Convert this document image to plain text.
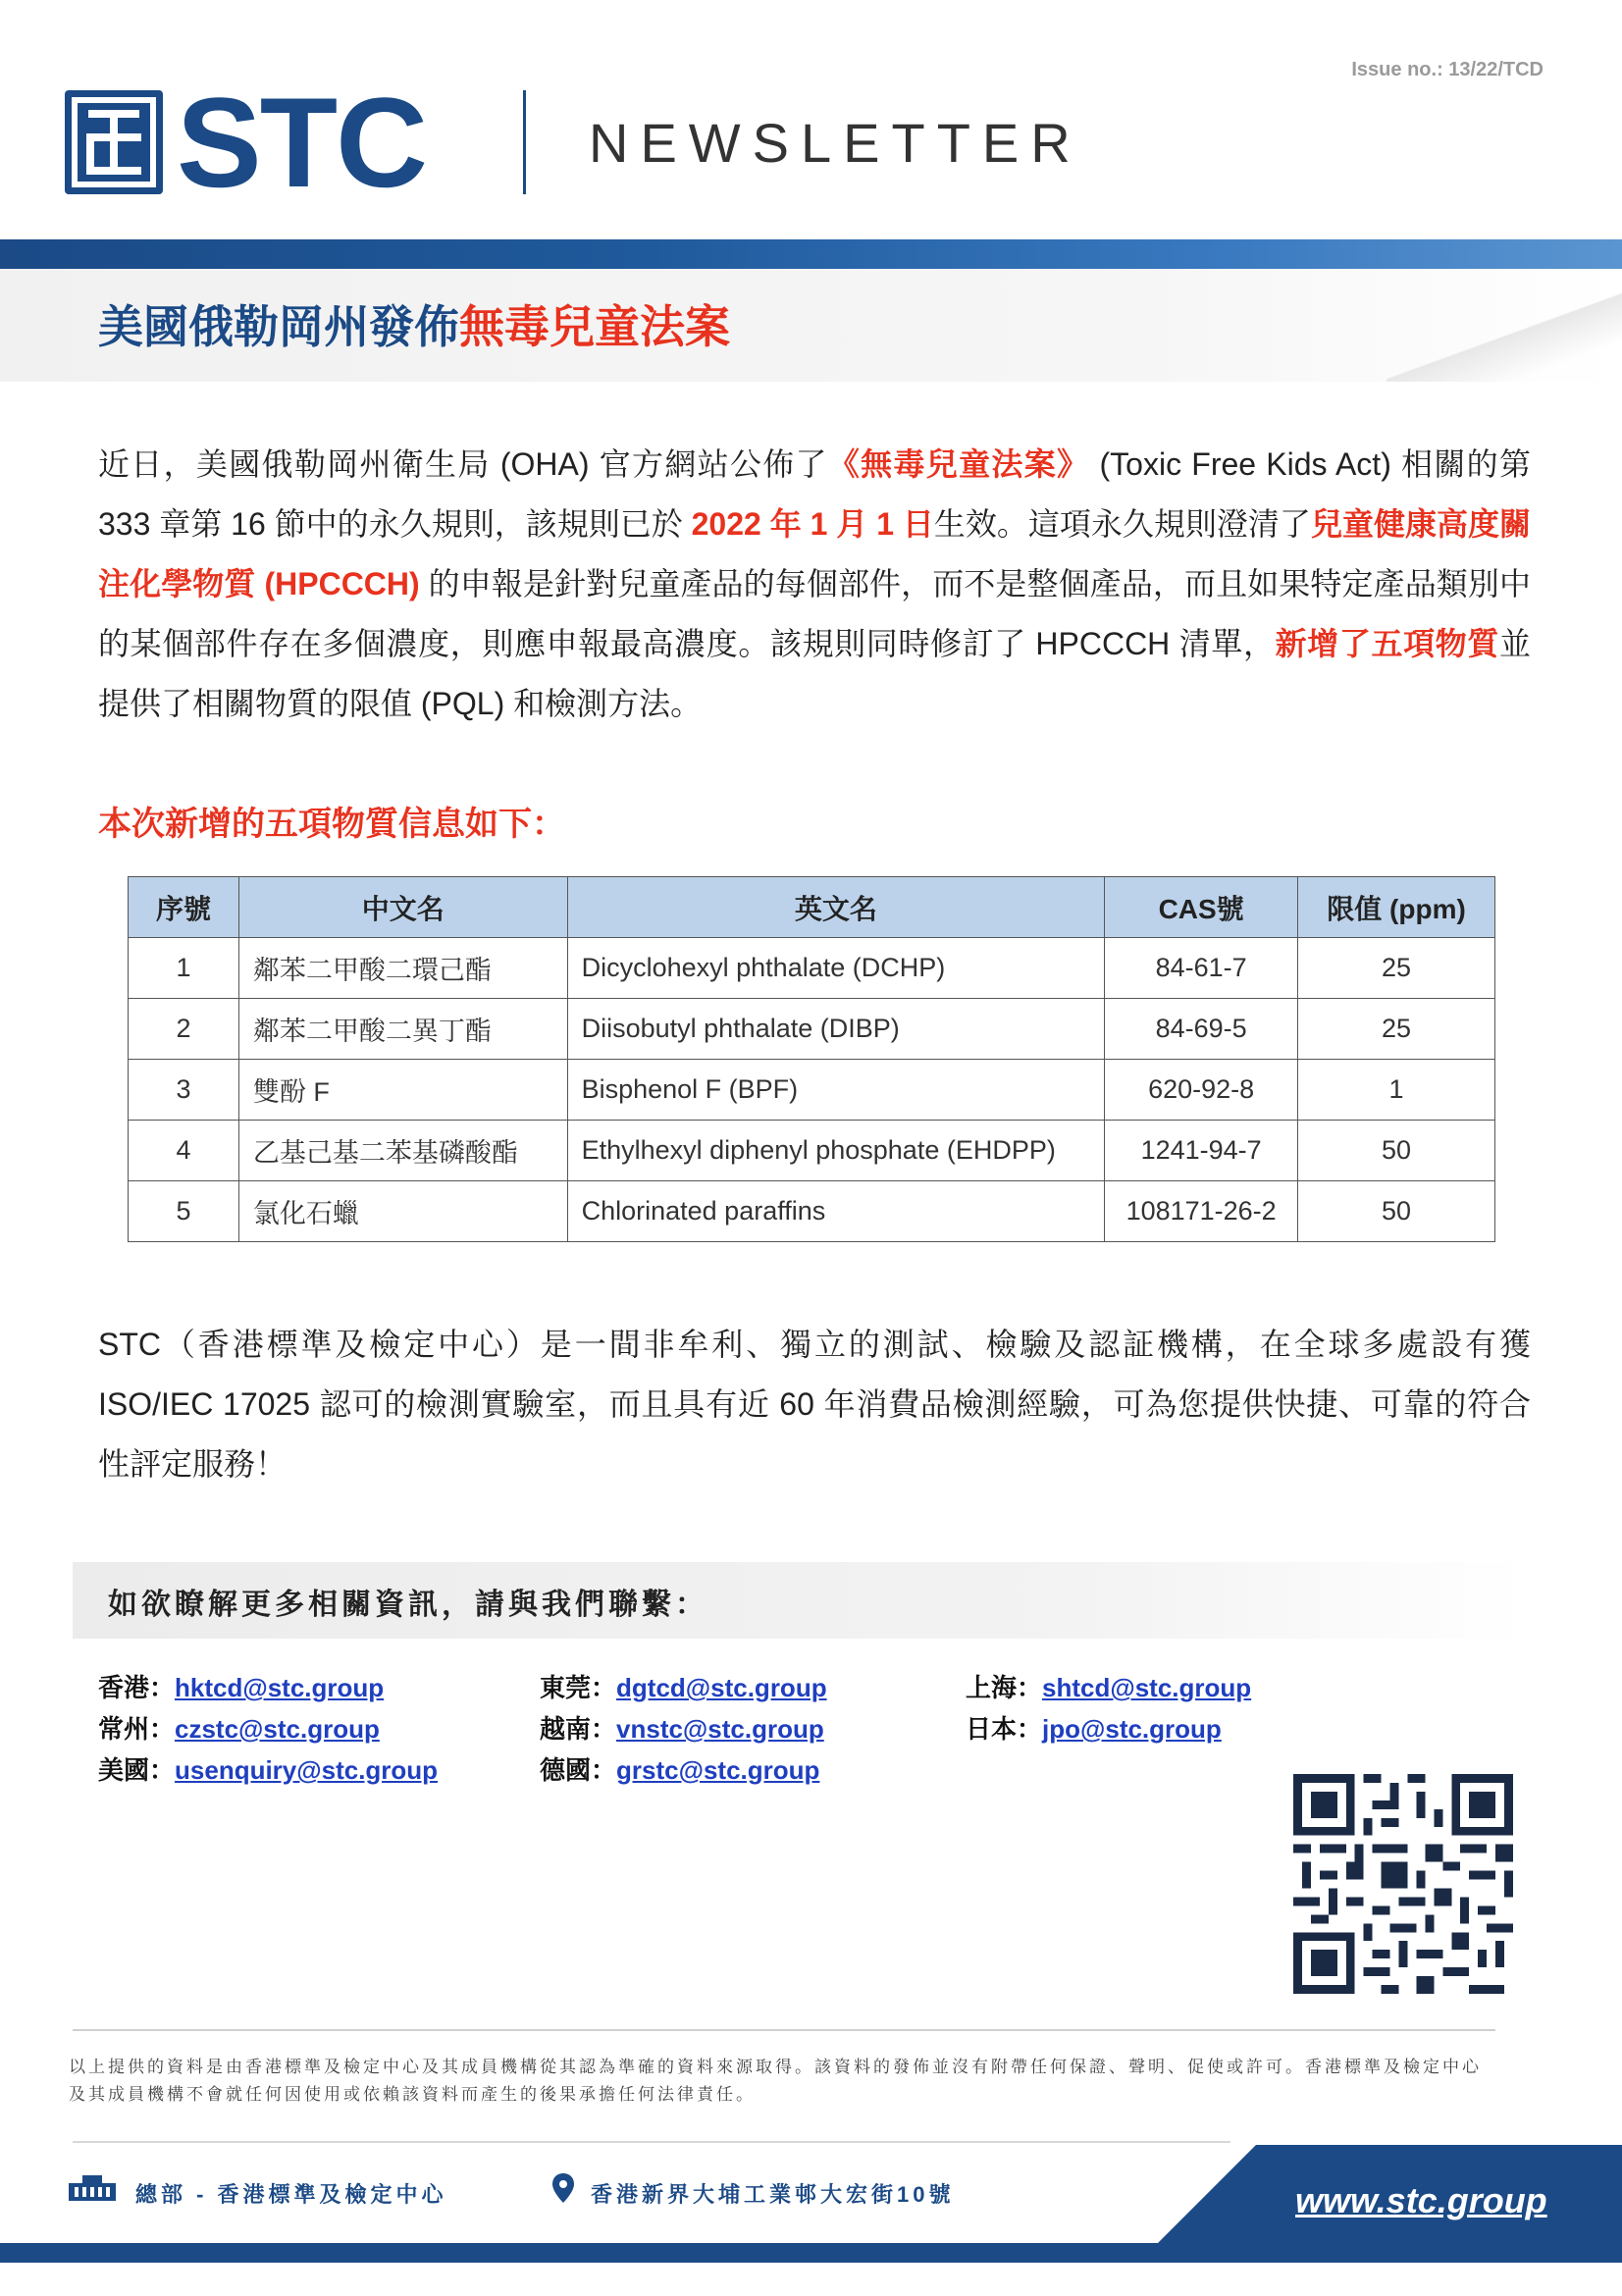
Issue no.: 13/22/TCD
STC	NEWSLETTER
美國俄勒岡州發佈無毒兒童法案

近日，美國俄勒岡州衛生局 (OHA) 官方網站公佈了《無毒兒童法案》 (Toxic Free Kids Act) 相關的第 333 章第 16 節中的永久規則，該規則已於 2022 年 1 月 1 日生效。這項永久規則澄清了兒童健康高度關注化學物質 (HPCCCH) 的申報是針對兒童產品的每個部件，而不是整個產品，而且如果特定產品類別中的某個部件存在多個濃度，則應申報最高濃度。該規則同時修訂了 HPCCCH 清單，新增了五項物質並提供了相關物質的限值 (PQL) 和檢測方法。

本次新增的五項物質信息如下：
序號	中文名	英文名	CAS號	限值 (ppm)
1	鄰苯二甲酸二環己酯	Dicyclohexyl phthalate (DCHP)	84-61-7	25
2	鄰苯二甲酸二異丁酯	Diisobutyl phthalate (DIBP)	84-69-5	25
3	雙酚 F	Bisphenol F (BPF)	620-92-8	1
4	乙基己基二苯基磷酸酯	Ethylhexyl diphenyl phosphate (EHDPP)	1241-94-7	50
5	氯化石蠟	Chlorinated paraffins	108171-26-2	50

STC（香港標準及檢定中心）是一間非牟利、獨立的測試、檢驗及認証機構，在全球多處設有獲 ISO/IEC 17025 認可的檢測實驗室，而且具有近 60 年消費品檢測經驗，可為您提供快捷、可靠的符合性評定服務！

如欲瞭解更多相關資訊，請與我們聯繫：
香港：hktcd@stc.group
常州：czstc@stc.group
美國：usenquiry@stc.group
東莞：dgtcd@stc.group
越南：vnstc@stc.group
德國：grstc@stc.group
上海：shtcd@stc.group
日本：jpo@stc.group

以上提供的資料是由香港標準及檢定中心及其成員機構從其認為準確的資料來源取得。該資料的發佈並沒有附帶任何保證、聲明、促使或許可。香港標準及檢定中心及其成員機構不會就任何因使用或依賴該資料而產生的後果承擔任何法律責任。

總部 - 香港標準及檢定中心	香港新界大埔工業邨大宏街10號	www.stc.group
